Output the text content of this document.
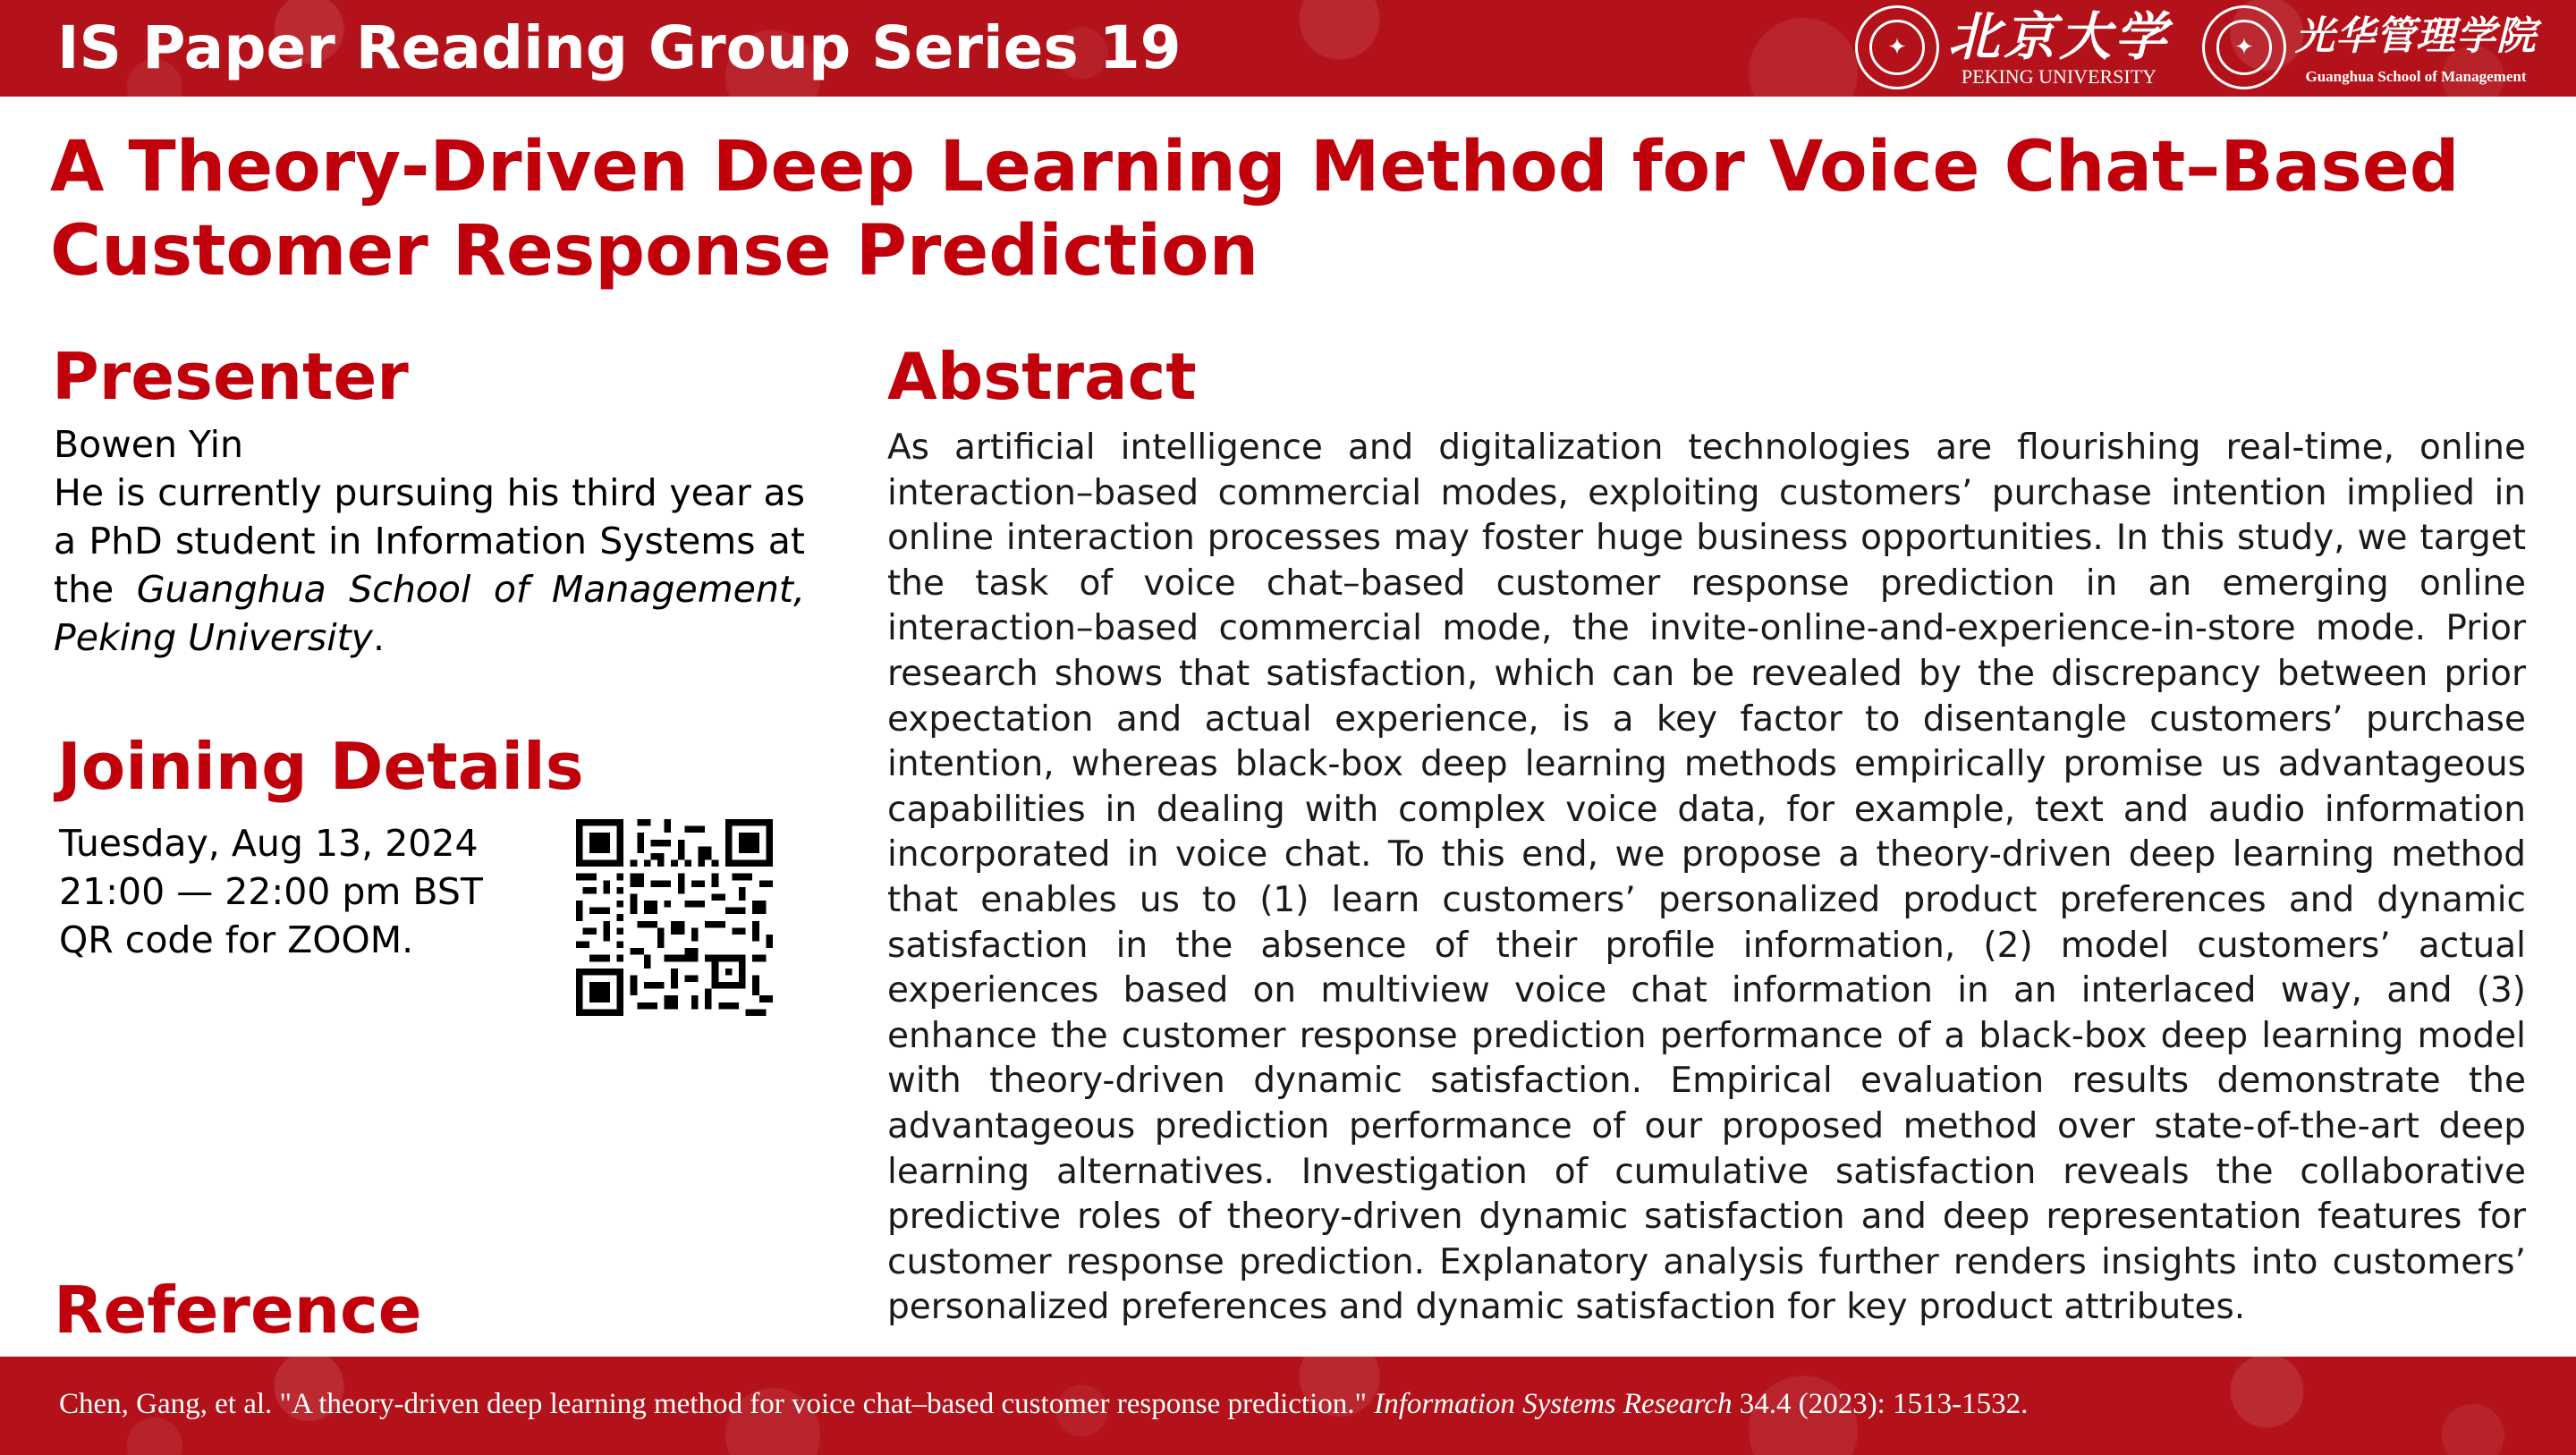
IS Paper Reading Group Series 19	✦ 北京大学
PEKING UNIVERSITY
✦	光华管理学院
Guanghua School of Management
A Theory-Driven Deep Learning Method for Voice Chat–Based
Customer Response Prediction
Presenter
Bowen Yin
He is currently pursuing his third year as a PhD student in Information Systems at the Guanghua School of Management, Peking University.
Joining Details
Tuesday, Aug 13, 2024
21:00 — 22:00 pm BST
QR code for ZOOM.
Abstract

As artificial intelligence and digitalization technologies are flourishing real-time, online interaction–based commercial modes, exploiting customers’ purchase intention implied in online interaction processes may foster huge business opportunities. In this study, we target the task of voice chat–based customer response prediction in an emerging online interaction–based commercial mode, the invite-online-and-experience-in-store mode. Prior research shows that satisfaction, which can be revealed by the discrepancy between prior expectation and actual experience, is a key factor to disentangle customers’ purchase intention, whereas black-box deep learning methods empirically promise us advantageous capabilities in dealing with complex voice data, for example, text and audio information incorporated in voice chat. To this end, we propose a theory-driven deep learning method that enables us to (1) learn customers’ personalized product preferences and dynamic satisfaction in the absence of their profile information, (2) model customers’ actual experiences based on multiview voice chat information in an interlaced way, and (3) enhance the customer response prediction performance of a black-box deep learning model with theory-driven dynamic satisfaction. Empirical evaluation results demonstrate the advantageous prediction performance of our proposed method over state-of-the-art deep learning alternatives. Investigation of cumulative satisfaction reveals the collaborative predictive roles of theory-driven dynamic satisfaction and deep representation features for customer response prediction. Explanatory analysis further renders insights into customers’ personalized preferences and dynamic satisfaction for key product attributes.

Reference
Chen, Gang, et al. "A theory-driven deep learning method for voice chat–based customer response prediction." Information Systems Research 34.4 (2023): 1513-1532.
